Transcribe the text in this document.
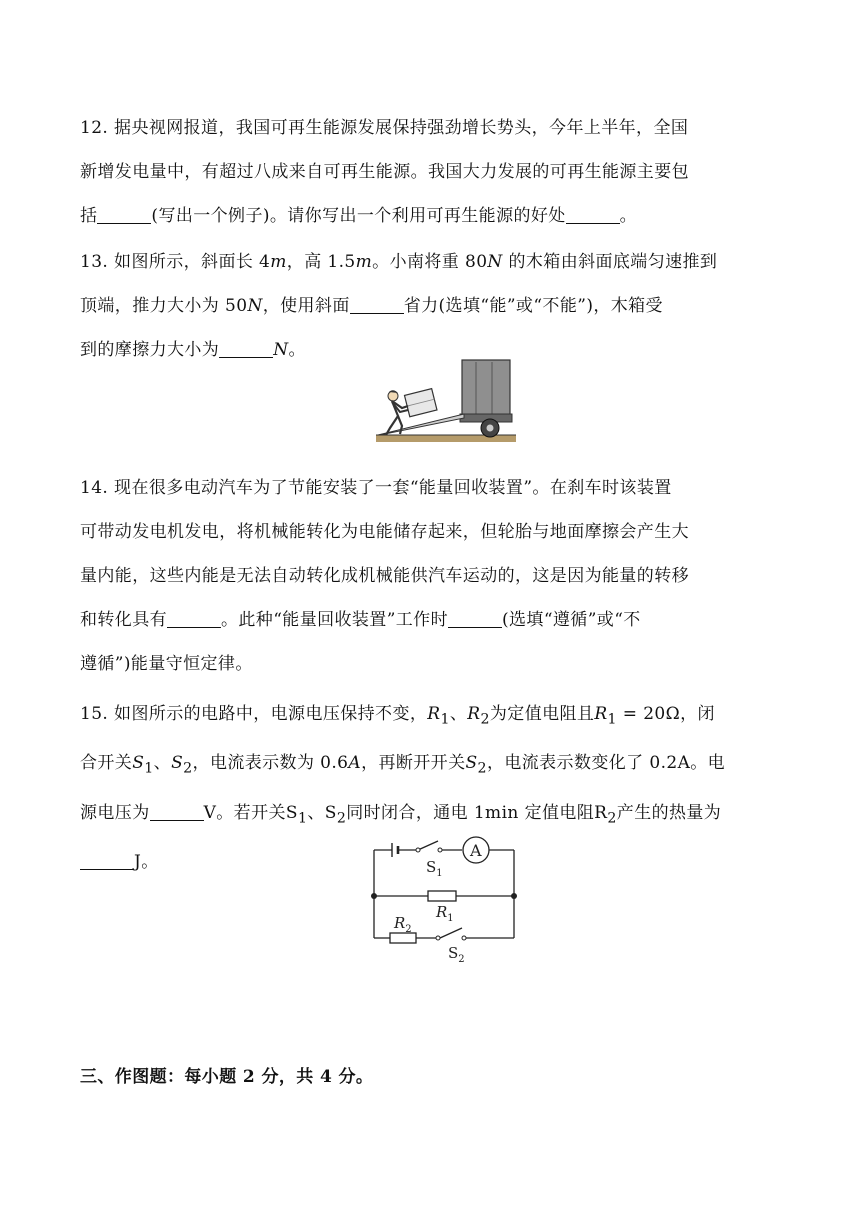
12. 据央视网报道，我国可再生能源发展保持强劲增长势头，今年上半年，全国

新增发电量中，有超过八成来自可再生能源。我国大力发展的可再生能源主要包

括	(写出一个例子)。请你写出一个利用可再生能源的好处	。

13. 如图所示，斜面长 4m，高 1.5m。小南将重 80N 的木箱由斜面底端匀速推到

顶端，推力大小为 50N，使用斜面	省力(选填“能”或“不能”)，木箱受

到的摩擦力大小为	N。

14. 现在很多电动汽车为了节能安装了一套“能量回收装置”。在刹车时该装置

可带动发电机发电，将机械能转化为电能储存起来，但轮胎与地面摩擦会产生大

量内能，这些内能是无法自动转化成机械能供汽车运动的，这是因为能量的转移

和转化具有	。此种“能量回收装置”工作时	(选填“遵循”或“不

遵循”)能量守恒定律。

15. 如图所示的电路中，电源电压保持不变，$R_1$、$R_2$为定值电阻且$R_1 = 20\Omega$，闭

合开关$S_1$、$S_2$，电流表示数为 0.6A，再断开开关$S_2$，电流表示数变化了 0.2A。电

源电压为	V。若开关$S_1$、$S_2$同时闭合，通电 1min 定值电阻$R_2$产生的热量为

J。

A
$S_1$
$R_1$
$R_2$
$S_2$
三、作图题：每小题 2 分，共 4 分。
